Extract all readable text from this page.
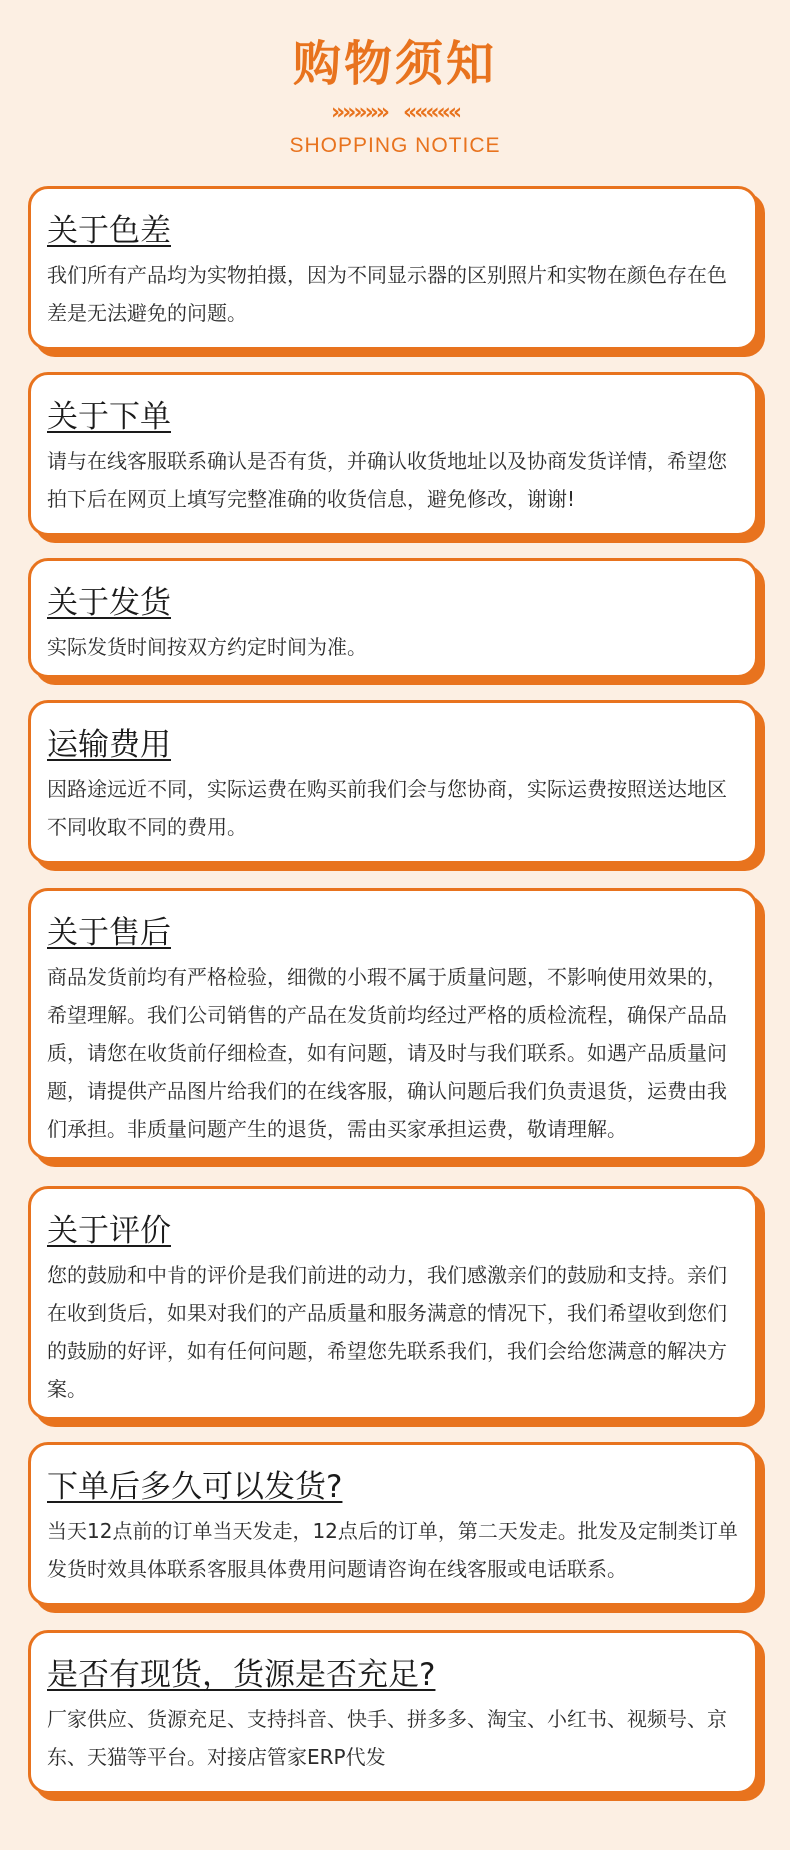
购物须知
»»»»» «««««
SHOPPING NOTICE
关于色差
我们所有产品均为实物拍摄，因为不同显示器的区别照片和实物在颜色存在色差是无法避免的问题。
关于下单
请与在线客服联系确认是否有货，并确认收货地址以及协商发货详情，希望您拍下后在网页上填写完整准确的收货信息，避免修改，谢谢!
关于发货
实际发货时间按双方约定时间为准。
运输费用
因路途远近不同，实际运费在购买前我们会与您协商，实际运费按照送达地区不同收取不同的费用。
关于售后
商品发货前均有严格检验，细微的小瑕不属于质量问题，不影响使用效果的，希望理解。我们公司销售的产品在发货前均经过严格的质检流程，确保产品品质，请您在收货前仔细检查，如有问题，请及时与我们联系。如遇产品质量问题，请提供产品图片给我们的在线客服，确认问题后我们负责退货，运费由我们承担。非质量问题产生的退货，需由买家承担运费，敬请理解。
关于评价
您的鼓励和中肯的评价是我们前进的动力，我们感激亲们的鼓励和支持。亲们在收到货后，如果对我们的产品质量和服务满意的情况下，我们希望收到您们的鼓励的好评，如有任何问题，希望您先联系我们，我们会给您满意的解决方案。
下单后多久可以发货?
当天12点前的订单当天发走，12点后的订单，第二天发走。批发及定制类订单发货时效具体联系客服具体费用问题请咨询在线客服或电话联系。
是否有现货，货源是否充足?
厂家供应、货源充足、支持抖音、快手、拼多多、淘宝、小红书、视频号、京东、天猫等平台。对接店管家ERP代发
